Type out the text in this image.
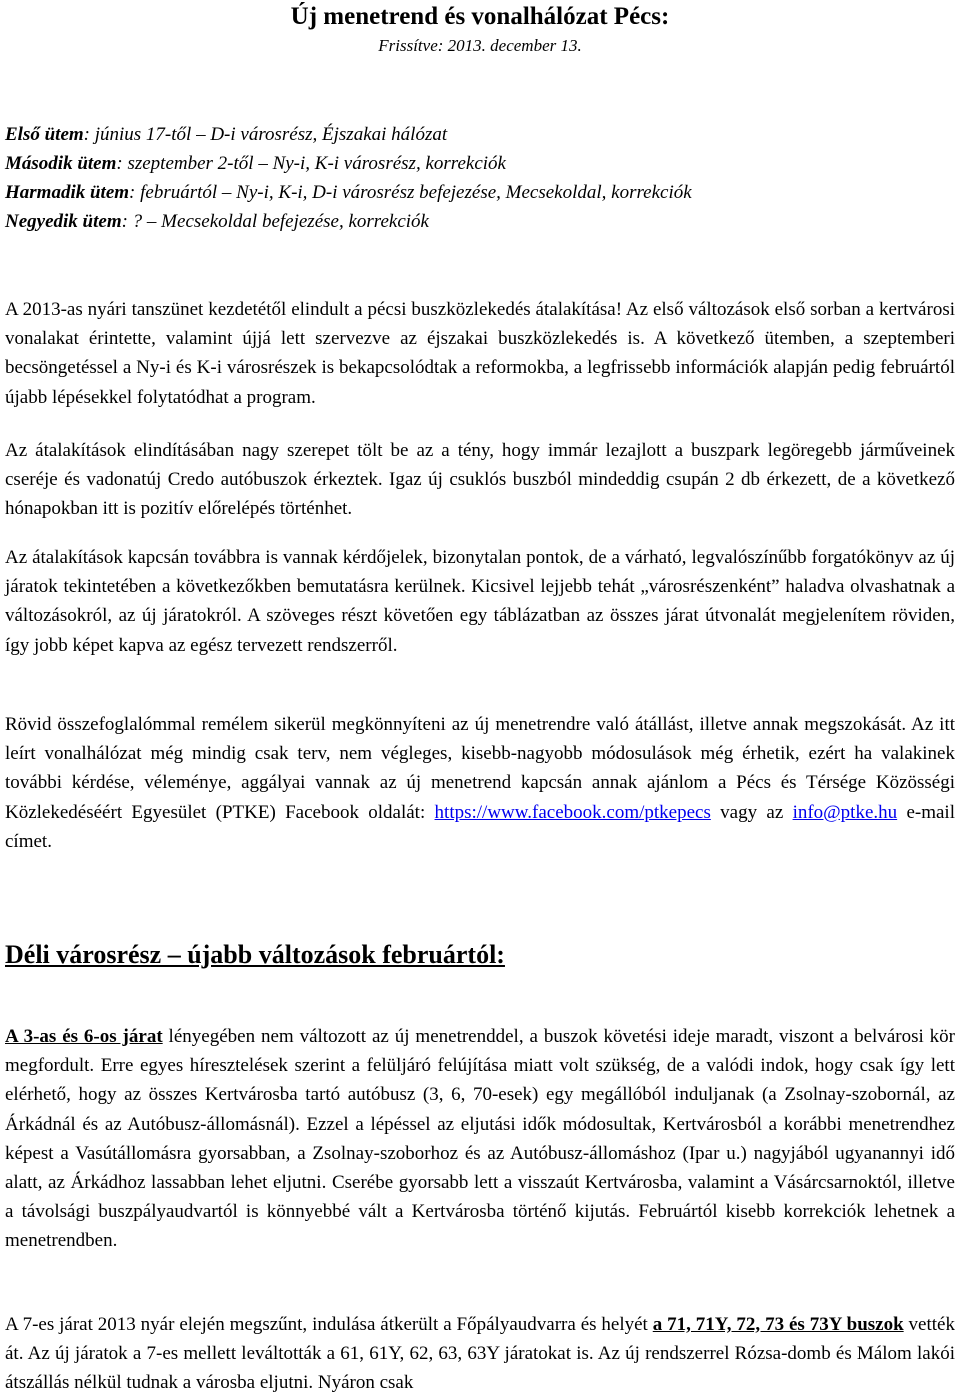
Új menetrend és vonalhálózat Pécs:
Frissítve: 2013. december 13.
Első ütem: június 17-től – D-i városrész, Éjszakai hálózat
Második ütem: szeptember 2-től – Ny-i, K-i városrész, korrekciók
Harmadik ütem: februártól – Ny-i, K-i, D-i városrész befejezése, Mecsekoldal, korrekciók
Negyedik ütem: ? – Mecsekoldal befejezése, korrekciók

A 2013-as nyári tanszünet kezdetétől elindult a pécsi buszközlekedés átalakítása! Az első változások első sorban a kertvárosi vonalakat érintette, valamint újjá lett szervezve az éjszakai buszközlekedés is. A következő ütemben, a szeptemberi becsöngetéssel a Ny-i és K-i városrészek is bekapcsolódtak a reformokba, a legfrissebb információk alapján pedig februártól újabb lépésekkel folytatódhat a program.

Az átalakítások elindításában nagy szerepet tölt be az a tény, hogy immár lezajlott a buszpark legöregebb járműveinek cseréje és vadonatúj Credo autóbuszok érkeztek. Igaz új csuklós buszból mindeddig csupán 2 db érkezett, de a következő hónapokban itt is pozitív előrelépés történhet.

Az átalakítások kapcsán továbbra is vannak kérdőjelek, bizonytalan pontok, de a várható, legvalószínűbb forgatókönyv az új járatok tekintetében a következőkben bemutatásra kerülnek. Kicsivel lejjebb tehát „városrészenként” haladva olvashatnak a változásokról, az új járatokról. A szöveges részt követően egy táblázatban az összes járat útvonalát megjelenítem röviden, így jobb képet kapva az egész tervezett rendszerről.

Rövid összefoglalómmal remélem sikerül megkönnyíteni az új menetrendre való átállást, illetve annak megszokását. Az itt leírt vonalhálózat még mindig csak terv, nem végleges, kisebb-nagyobb módosulások még érhetik, ezért ha valakinek további kérdése, véleménye, aggályai vannak az új menetrend kapcsán annak ajánlom a Pécs és Térsége Közösségi Közlekedéséért Egyesület (PTKE) Facebook oldalát: https://www.facebook.com/ptkepecs vagy az info@ptke.hu e-mail címet.

Déli városrész – újabb változások februártól:

A 3-as és 6-os járat lényegében nem változott az új menetrenddel, a buszok követési ideje maradt, viszont a belvárosi kör megfordult. Erre egyes híresztelések szerint a felüljáró felújítása miatt volt szükség, de a valódi indok, hogy csak így lett elérhető, hogy az összes Kertvárosba tartó autóbusz (3, 6, 70-esek) egy megállóból induljanak (a Zsolnay-szobornál, az Árkádnál és az Autóbusz-állomásnál). Ezzel a lépéssel az eljutási idők módosultak, Kertvárosból a korábbi menetrendhez képest a Vasútállomásra gyorsabban, a Zsolnay-szoborhoz és az Autóbusz-állomáshoz (Ipar u.) nagyjából ugyanannyi idő alatt, az Árkádhoz lassabban lehet eljutni. Cserébe gyorsabb lett a visszaút Kertvárosba, valamint a Vásárcsarnoktól, illetve a távolsági buszpályaudvartól is könnyebbé vált a Kertvárosba történő kijutás. Februártól kisebb korrekciók lehetnek a menetrendben.

A 7-es járat 2013 nyár elején megszűnt, indulása átkerült a Főpályaudvarra és helyét a 71, 71Y, 72, 73 és 73Y buszok vették át. Az új járatok a 7-es mellett leváltották a 61, 61Y, 62, 63, 63Y járatokat is. Az új rendszerrel Rózsa-domb és Málom lakói átszállás nélkül tudnak a városba eljutni. Nyáron csak
